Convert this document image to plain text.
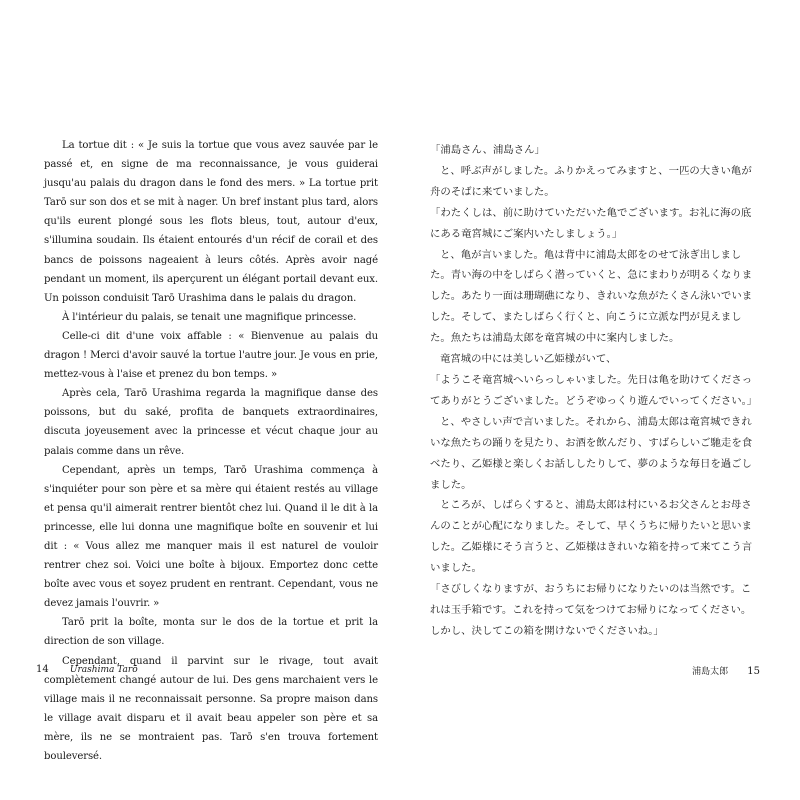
La tortue dit : « Je suis la tortue que vous avez sauvée par le passé et, en signe de ma reconnaissance, je vous guiderai jusqu'au palais du dragon dans le fond des mers. » La tortue prit Tarō sur son dos et se mit à nager. Un bref instant plus tard, alors qu'ils eurent plongé sous les flots bleus, tout, autour d'eux, s'illumina soudain. Ils étaient entourés d'un récif de corail et des bancs de poissons nageaient à leurs côtés. Après avoir nagé pendant un moment, ils aperçurent un élégant portail devant eux. Un poisson conduisit Tarō Urashima dans le palais du dragon.

À l'intérieur du palais, se tenait une magnifique princesse.

Celle-ci dit d'une voix affable : « Bienvenue au palais du dragon ! Merci d'avoir sauvé la tortue l'autre jour. Je vous en prie, mettez-vous à l'aise et prenez du bon temps. »

Après cela, Tarō Urashima regarda la magnifique danse des poissons, but du saké, profita de banquets extraordinaires, discuta joyeusement avec la princesse et vécut chaque jour au palais comme dans un rêve.

Cependant, après un temps, Tarō Urashima commença à s'inquiéter pour son père et sa mère qui étaient restés au village et pensa qu'il aimerait rentrer bientôt chez lui. Quand il le dit à la princesse, elle lui donna une magnifique boîte en souvenir et lui dit : « Vous allez me manquer mais il est naturel de vouloir rentrer chez soi. Voici une boîte à bijoux. Emportez donc cette boîte avec vous et soyez prudent en rentrant. Cependant, vous ne devez jamais l'ouvrir. »

Tarō prit la boîte, monta sur le dos de la tortue et prit la direction de son village.

Cependant, quand il parvint sur le rivage, tout avait complètement changé autour de lui. Des gens marchaient vers le village mais il ne reconnaissait personne. Sa propre maison dans le village avait disparu et il avait beau appeler son père et sa mère, ils ne se montraient pas. Tarō s'en trouva fortement bouleversé.

14 Urashima Tarō

「浦島さん、浦島さん」

と、呼ぶ声がしました。ふりかえってみますと、一匹の大きい亀が舟のそばに来ていました。

「わたくしは、前に助けていただいた亀でございます。お礼に海の底にある竜宮城にご案内いたしましょう。」

と、亀が言いました。亀は背中に浦島太郎をのせて泳ぎ出しました。青い海の中をしばらく潜っていくと、急にまわりが明るくなりました。あたり一面は珊瑚礁になり、きれいな魚がたくさん泳いでいました。そして、またしばらく行くと、向こうに立派な門が見えました。魚たちは浦島太郎を竜宮城の中に案内しました。

竜宮城の中には美しい乙姫様がいて、

「ようこそ竜宮城へいらっしゃいました。先日は亀を助けてくださってありがとうございました。どうぞゆっくり遊んでいってください。」

と、やさしい声で言いました。それから、浦島太郎は竜宮城できれいな魚たちの踊りを見たり、お酒を飲んだり、すばらしいご馳走を食べたり、乙姫様と楽しくお話ししたりして、夢のような毎日を過ごしました。

ところが、しばらくすると、浦島太郎は村にいるお父さんとお母さんのことが心配になりました。そして、早くうちに帰りたいと思いました。乙姫様にそう言うと、乙姫様はきれいな箱を持って来てこう言いました。

「さびしくなりますが、おうちにお帰りになりたいのは当然です。これは玉手箱です。これを持って気をつけてお帰りになってください。しかし、決してこの箱を開けないでくださいね。」

浦島太郎 15
